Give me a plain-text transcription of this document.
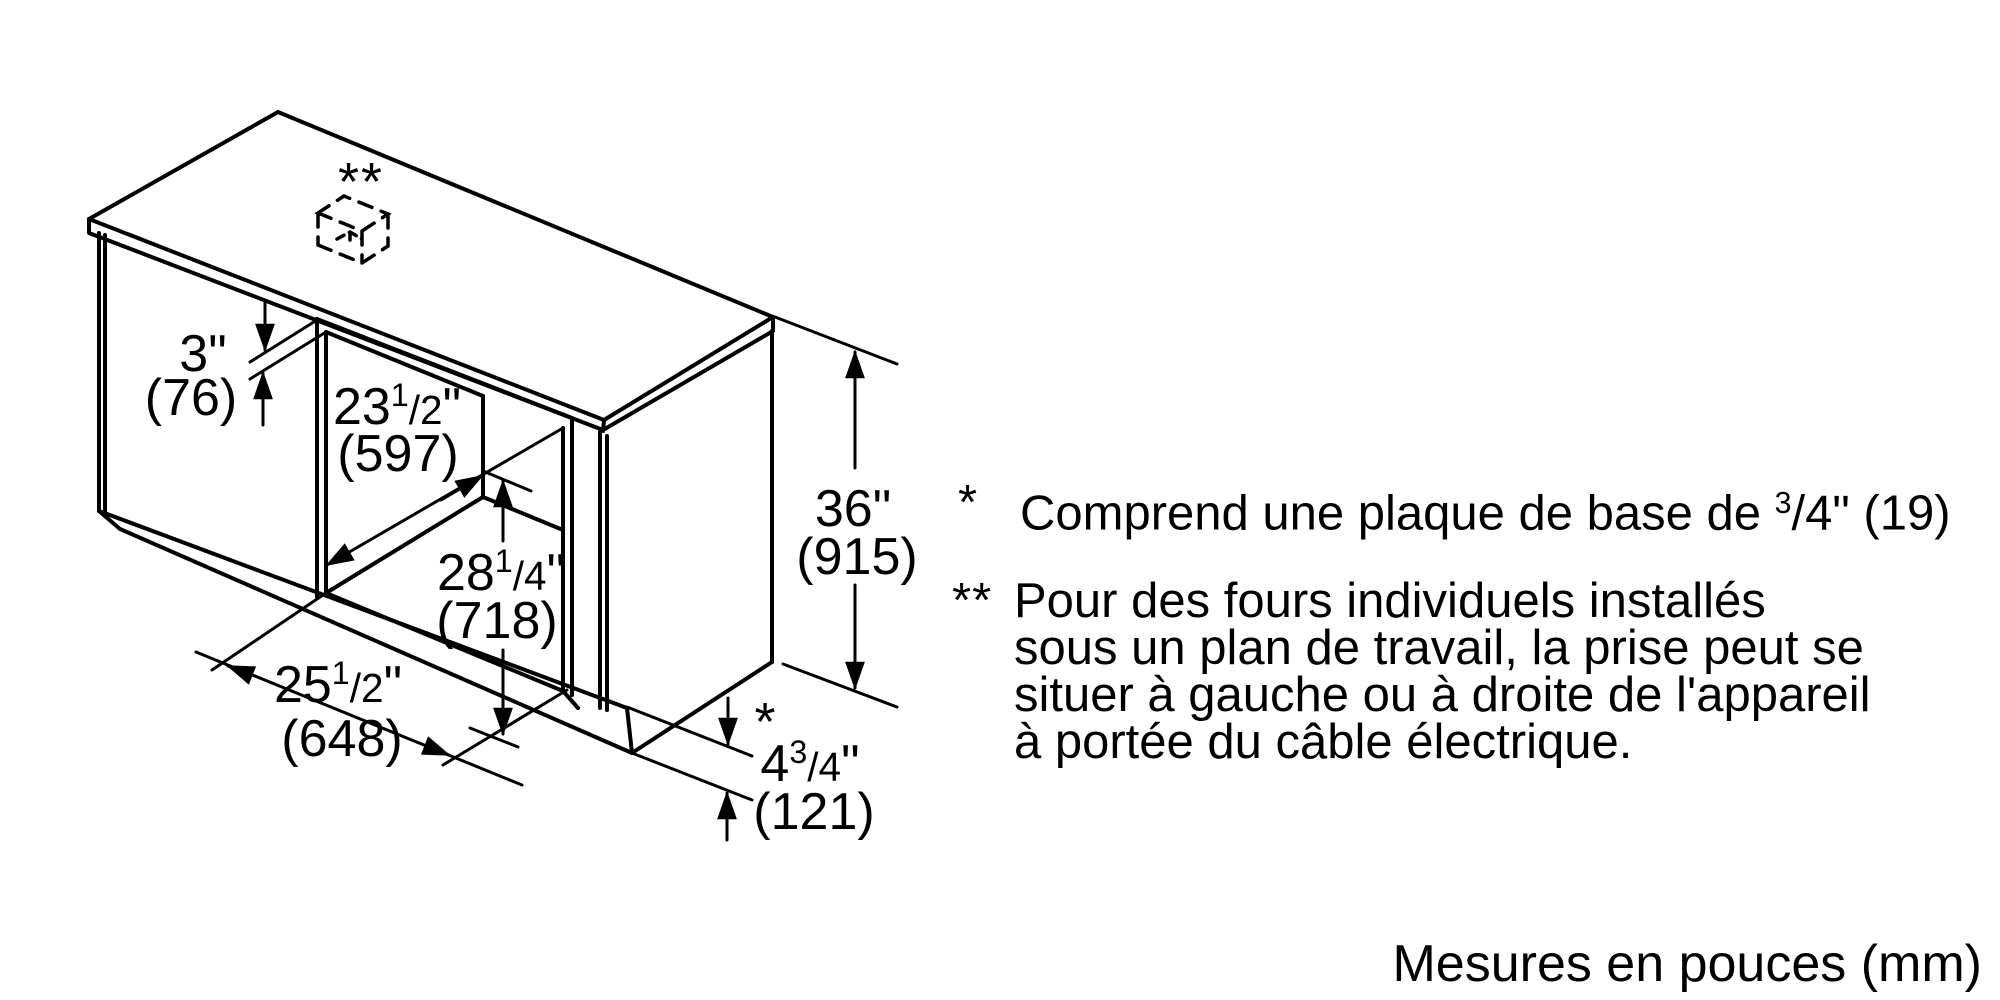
3"
(76) 23$^1$/2"
(597)
28$^1$/4"
(718)
25$^1$/2"
(648)
36"
(915)
4$^3$/4"
(121)
**
*
* Comprend une plaque de base de $^3$/4" (19)
** Pour des fours individuels installés
sous un plan de travail, la prise peut se
situer à gauche ou à droite de l'appareil
à portée du câble électrique.
Mesures en pouces (mm)
